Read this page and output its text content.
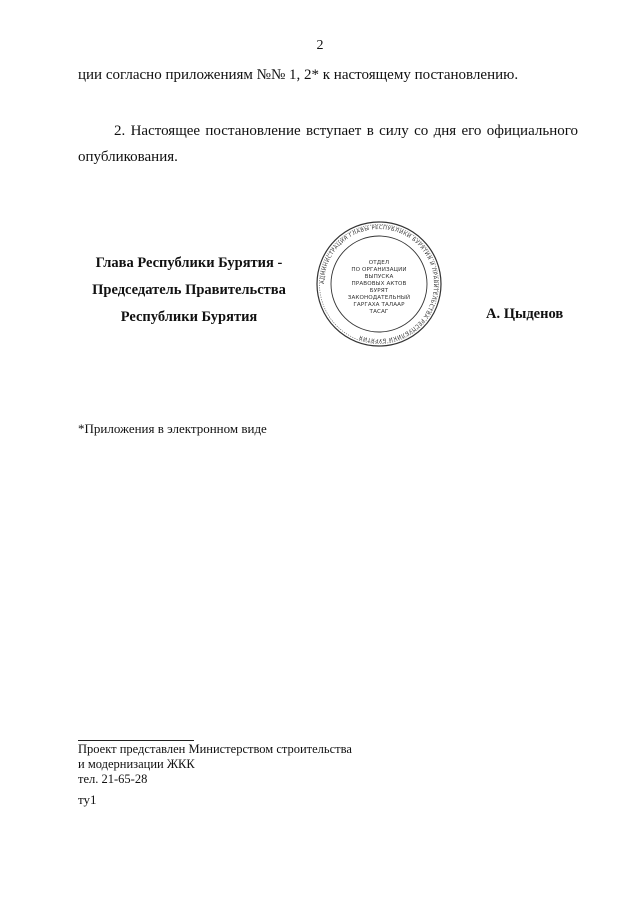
2
ции согласно приложениям №№ 1, 2* к настоящему постановлению.
2. Настоящее постановление вступает в силу со дня его официального опубликования.
Глава Республики Бурятия -
Председатель Правительства
Республики Бурятия
АДМИНИСТРАЦИЯ ГЛАВЫ РЕСПУБЛИКИ БУРЯТИЯ И ПРАВИТЕЛЬСТВА РЕСПУБЛИКИ БУРЯТИЯ
ОТДЕЛ
ПО ОРГАНИЗАЦИИ
ВЫПУСКА
ПРАВОВЫХ АКТОВ
БУРЯТ
ЗАКОНОДАТЕЛЬНЫЙ
ГАРГАХА ТАЛААР
ТАСАГ	А. Цыденов
*Приложения в электронном виде
Проект представлен Министерством строительства
и модернизации ЖКК
тел. 21-65-28
ту1
